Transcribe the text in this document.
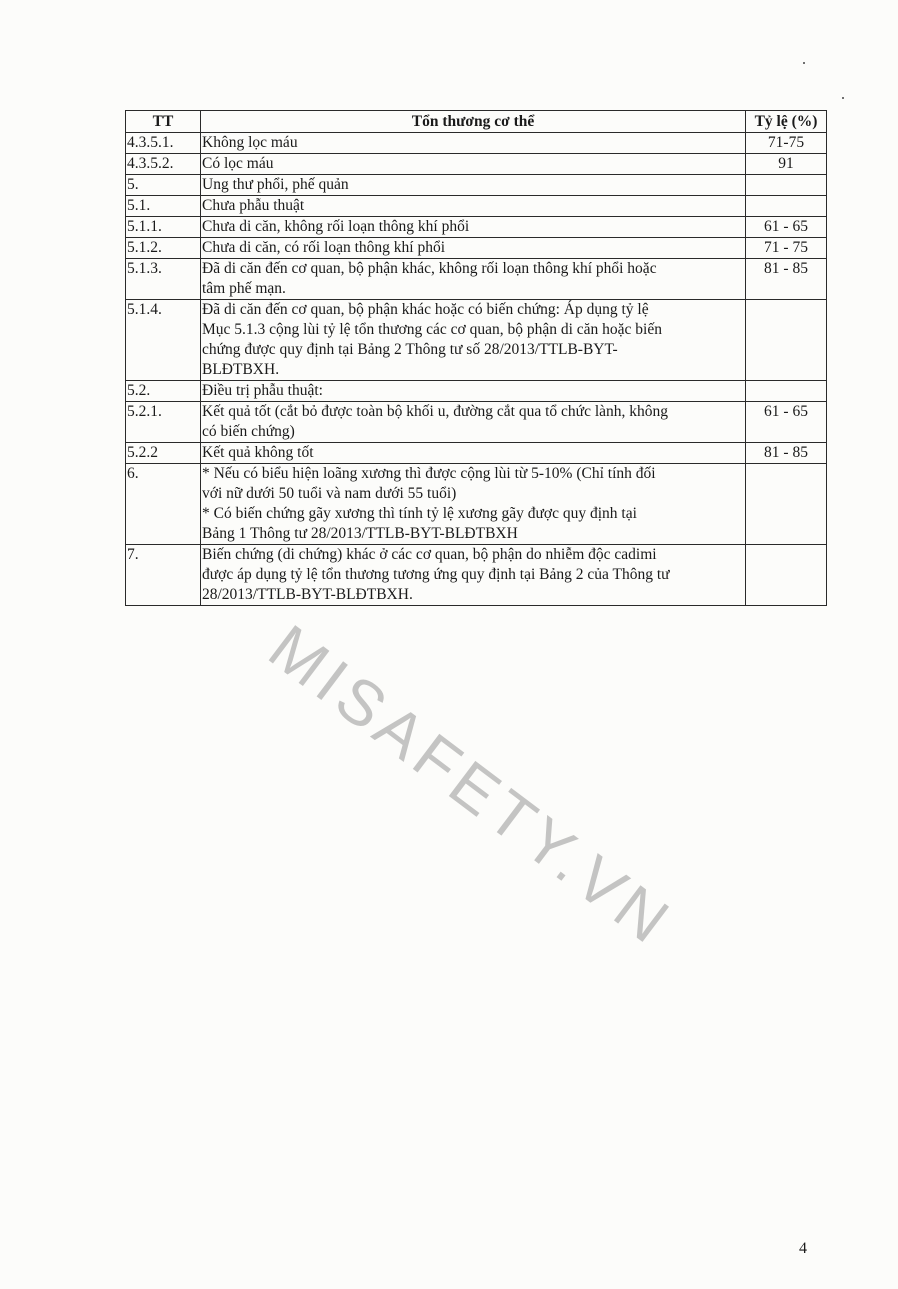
TT	Tổn thương cơ thể	Tỷ lệ (%)
4.3.5.1.	Không lọc máu	71-75
4.3.5.2.	Có lọc máu	91
5.	Ung thư phổi, phế quản	

5.1.	Chưa phẫu thuật	

5.1.1.	Chưa di căn, không rối loạn thông khí phổi	61 - 65
5.1.2.	Chưa di căn, có rối loạn thông khí phổi	71 - 75
5.1.3.	Đã di căn đến cơ quan, bộ phận khác, không rối loạn thông khí phổi hoặc
tâm phế mạn.	81 - 85
5.1.4.	Đã di căn đến cơ quan, bộ phận khác hoặc có biến chứng: Áp dụng tỷ lệ
Mục 5.1.3 cộng lùi tỷ lệ tổn thương các cơ quan, bộ phận di căn hoặc biến
chứng được quy định tại Bảng 2 Thông tư số 28/2013/TTLB-BYT-
BLĐTBXH.	

5.2.	Điều trị phẫu thuật:	

5.2.1.	Kết quả tốt (cắt bỏ được toàn bộ khối u, đường cắt qua tổ chức lành, không
có biến chứng)	61 - 65
5.2.2	Kết quả không tốt	81 - 85
6.	* Nếu có biểu hiện loãng xương thì được cộng lùi từ 5-10% (Chỉ tính đối
với nữ dưới 50 tuổi và nam dưới 55 tuổi)
* Có biến chứng gãy xương thì tính tỷ lệ xương gãy được quy định tại
Bảng 1 Thông tư 28/2013/TTLB-BYT-BLĐTBXH	

7.	Biến chứng (di chứng) khác ở các cơ quan, bộ phận do nhiễm độc cadimi
được áp dụng tỷ lệ tổn thương tương ứng quy định tại Bảng 2 của Thông tư
28/2013/TTLB-BYT-BLĐTBXH.	

MISAFETY.VN
4
